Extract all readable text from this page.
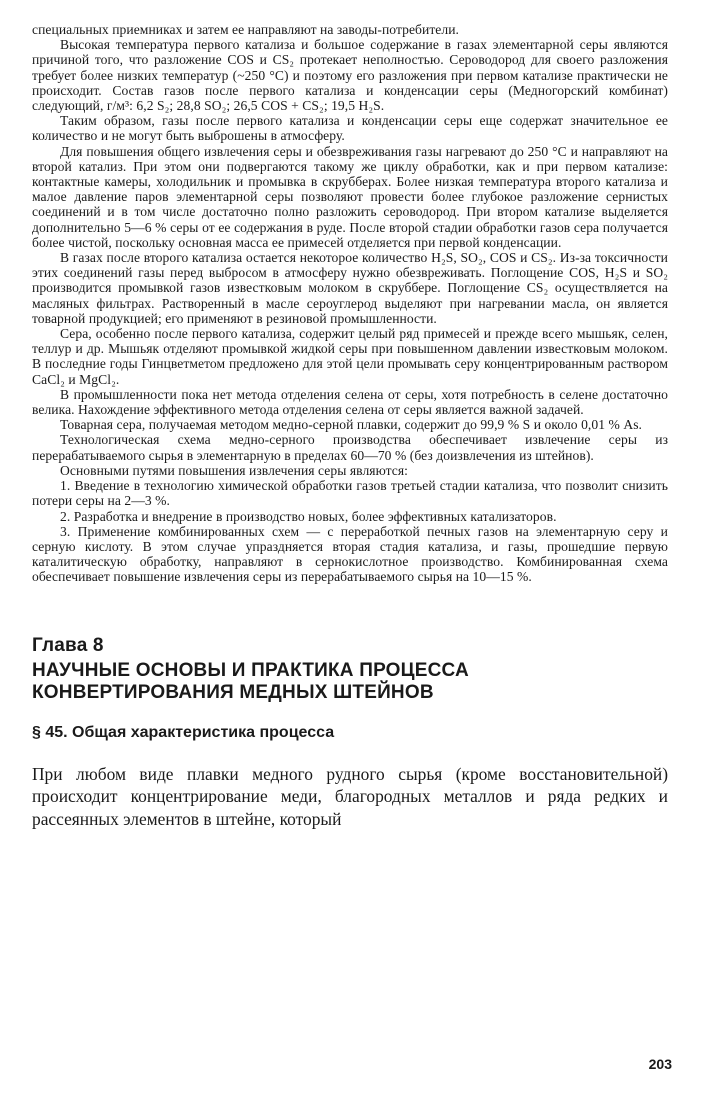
специальных приемниках и затем ее направляют на заводы-потребители.

Высокая температура первого катализа и большое содержание в газах элементарной серы являются причиной того, что разложение COS и CS₂ протекает неполностью. Сероводород для своего разложения требует более низких температур (~250 °C) и поэтому его разложения при первом катализе практически не происходит. Состав газов после первого катализа и конденсации серы (Медногорский комбинат) следующий, г/м³: 6,2 S₂; 28,8 SO₂; 26,5 COS + CS₂; 19,5 H₂S.

Таким образом, газы после первого катализа и конденсации серы еще содержат значительное ее количество и не могут быть выброшены в атмосферу.

Для повышения общего извлечения серы и обезвреживания газы нагревают до 250 °C и направляют на второй катализ. При этом они подвергаются такому же циклу обработки, как и при первом катализе: контактные камеры, холодильник и промывка в скрубберах. Более низкая температура второго катализа и малое давление паров элементарной серы позволяют провести более глубокое разложение сернистых соединений и в том числе достаточно полно разложить сероводород. При втором катализе выделяется дополнительно 5—6 % серы от ее содержания в руде. После второй стадии обработки газов сера получается более чистой, поскольку основная масса ее примесей отделяется при первой конденсации.

В газах после второго катализа остается некоторое количество H₂S, SO₂, COS и CS₂. Из-за токсичности этих соединений газы перед выбросом в атмосферу нужно обезвреживать. Поглощение COS, H₂S и SO₂ производится промывкой газов известковым молоком в скруббере. Поглощение CS₂ осуществляется на масляных фильтрах. Растворенный в масле сероуглерод выделяют при нагревании масла, он является товарной продукцией; его применяют в резиновой промышленности.

Сера, особенно после первого катализа, содержит целый ряд примесей и прежде всего мышьяк, селен, теллур и др. Мышьяк отделяют промывкой жидкой серы при повышенном давлении известковым молоком. В последние годы Гинцветметом предложено для этой цели промывать серу концентрированным раствором CaCl₂ и MgCl₂.

В промышленности пока нет метода отделения селена от серы, хотя потребность в селене достаточно велика. Нахождение эффективного метода отделения селена от серы является важной задачей.

Товарная сера, получаемая методом медно-серной плавки, содержит до 99,9 % S и около 0,01 % As.

Технологическая схема медно-серного производства обеспечивает извлечение серы из перерабатываемого сырья в элементарную в пределах 60—70 % (без доизвлечения из штейнов).

Основными путями повышения извлечения серы являются:

1. Введение в технологию химической обработки газов третьей стадии катализа, что позволит снизить потери серы на 2—3 %.

2. Разработка и внедрение в производство новых, более эффективных катализаторов.

3. Применение комбинированных схем — с переработкой печных газов на элементарную серу и серную кислоту. В этом случае упраздняется вторая стадия катализа, и газы, прошедшие первую каталитическую обработку, направляют в сернокислотное производство. Комбинированная схема обеспечивает повышение извлечения серы из перерабатываемого сырья на 10—15 %.

Глава 8
НАУЧНЫЕ ОСНОВЫ И ПРАКТИКА ПРОЦЕССА КОНВЕРТИРОВАНИЯ МЕДНЫХ ШТЕЙНОВ
§ 45. Общая характеристика процесса
При любом виде плавки медного рудного сырья (кроме восстановительной) происходит концентрирование меди, благородных металлов и ряда редких и рассеянных элементов в штейне, который
203
